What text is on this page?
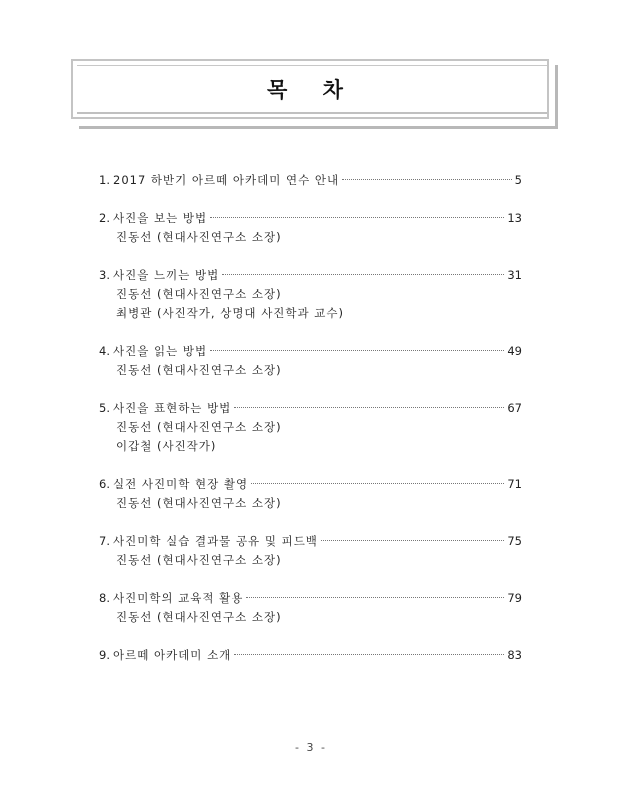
목 차
1. 2017 하반기 아르떼 아카데미 연수 안내	5
2. 사진을 보는 방법	13
진동선 (현대사진연구소 소장)
3. 사진을 느끼는 방법	31
진동선 (현대사진연구소 소장)
최병관 (사진작가, 상명대 사진학과 교수)
4. 사진을 읽는 방법	49
진동선 (현대사진연구소 소장)
5. 사진을 표현하는 방법	67
진동선 (현대사진연구소 소장)
이갑철 (사진작가)
6. 실전 사진미학 현장 촬영	71
진동선 (현대사진연구소 소장)
7. 사진미학 실습 결과물 공유 및 피드백	75
진동선 (현대사진연구소 소장)
8. 사진미학의 교육적 활용	79
진동선 (현대사진연구소 소장)
9. 아르떼 아카데미 소개	83
- 3 -
